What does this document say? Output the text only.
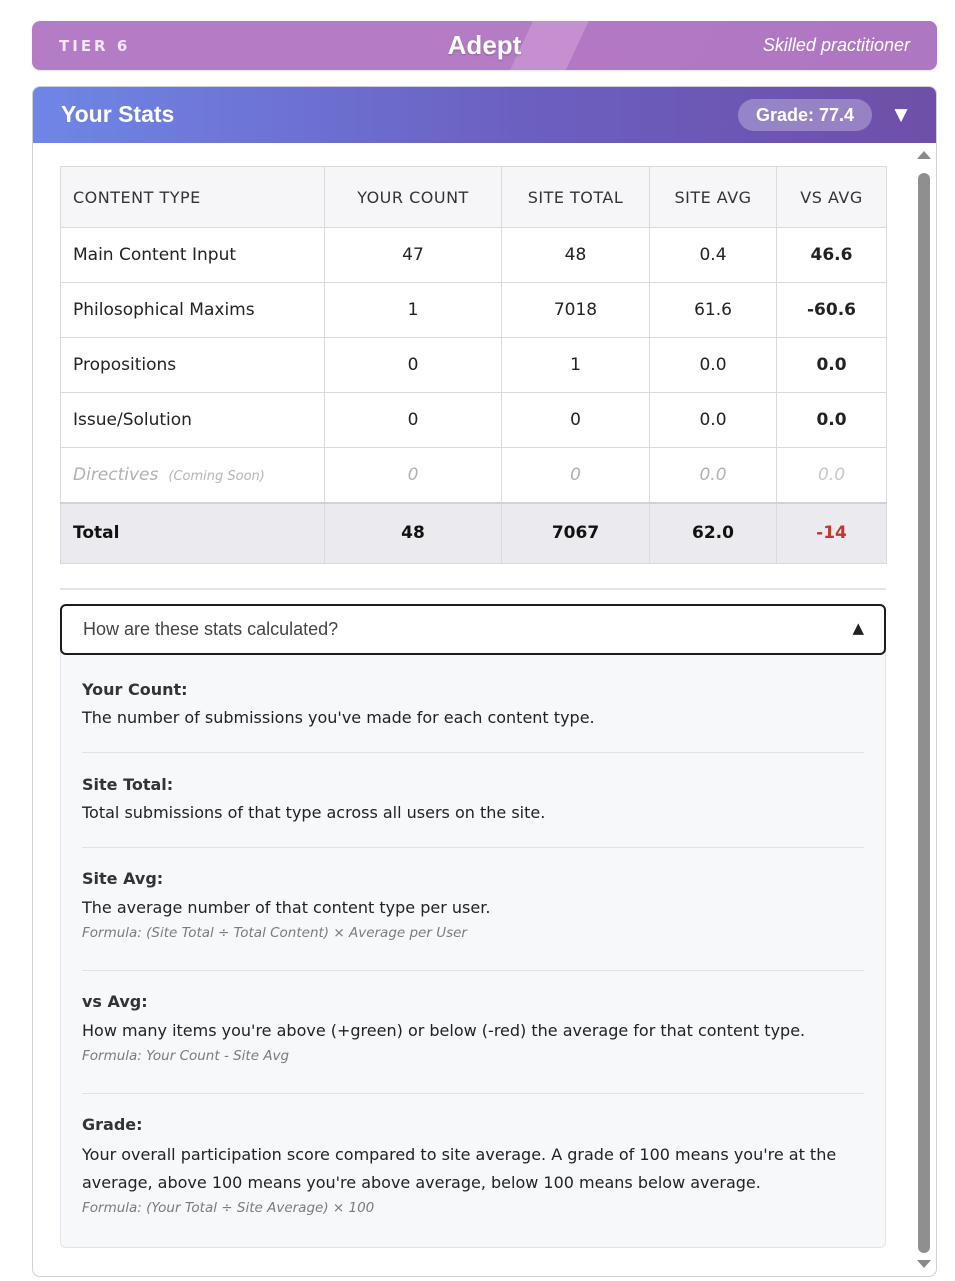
TIER 6	Adept	Skilled practitioner
Your Stats	Grade: 77.4	▼
CONTENT TYPE	YOUR COUNT	SITE TOTAL	SITE AVG	VS AVG
Main Content Input	47	48	0.4	46.6
Philosophical Maxims	1	7018	61.6	-60.6
Propositions	0	1	0.0	0.0
Issue/Solution	0	0	0.0	0.0
Directives (Coming Soon)	0	0	0.0	0.0
Total	48	7067	62.0	-14
How are these stats calculated?	▲
Your Count:
The number of submissions you've made for each content type.
Site Total:
Total submissions of that type across all users on the site.
Site Avg:
The average number of that content type per user.
Formula: (Site Total ÷ Total Content) × Average per User
vs Avg:
How many items you're above (+green) or below (-red) the average for that content type.
Formula: Your Count - Site Avg
Grade:
Your overall participation score compared to site average. A grade of 100 means you're at the average, above 100 means you're above average, below 100 means below average.
Formula: (Your Total ÷ Site Average) × 100
